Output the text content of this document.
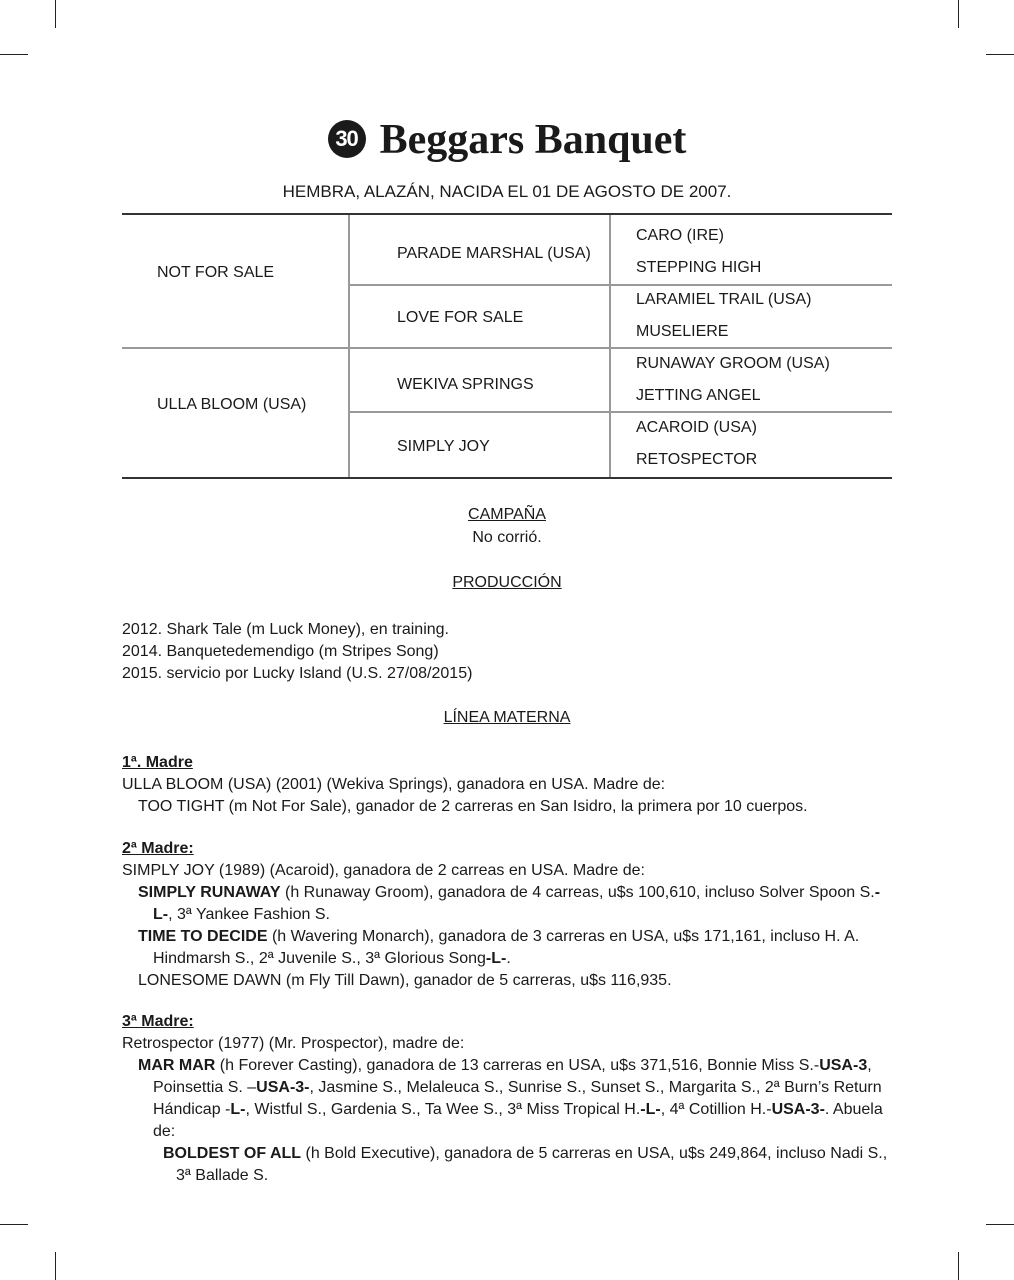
30 Beggars Banquet
HEMBRA, ALAZÁN, NACIDA EL 01 DE AGOSTO DE 2007.
NOT FOR SALE
ULLA BLOOM (USA)
PARADE MARSHAL (USA)
LOVE FOR SALE
WEKIVA SPRINGS
SIMPLY JOY
CARO (IRE)
STEPPING HIGH
LARAMIEL TRAIL (USA)
MUSELIERE
RUNAWAY GROOM (USA)
JETTING ANGEL
ACAROID (USA)
RETOSPECTOR
CAMPAÑA
No corrió.
PRODUCCIÓN
2012. Shark Tale (m Luck Money), en training.
2014. Banquetedemendigo (m Stripes Song)
2015. servicio por Lucky Island (U.S. 27/08/2015)
LÍNEA MATERNA
1ª. Madre
ULLA BLOOM (USA) (2001) (Wekiva Springs), ganadora en USA. Madre de:
TOO TIGHT (m Not For Sale), ganador de 2 carreras en San Isidro, la primera por 10 cuerpos.
2ª Madre:
SIMPLY JOY (1989) (Acaroid), ganadora de 2 carreas en USA. Madre de:
SIMPLY RUNAWAY (h Runaway Groom), ganadora de 4 carreas, u$s 100,610, incluso Solver Spoon S.-L-, 3ª Yankee Fashion S.
TIME TO DECIDE (h Wavering Monarch), ganadora de 3 carreras en USA, u$s 171,161, incluso H. A. Hindmarsh S., 2ª Juvenile S., 3ª Glorious Song-L-.
LONESOME DAWN (m Fly Till Dawn), ganador de 5 carreras, u$s 116,935.
3ª Madre:
Retrospector (1977) (Mr. Prospector), madre de:
MAR MAR (h Forever Casting), ganadora de 13 carreras en USA, u$s 371,516, Bonnie Miss S.-USA-3, Poinsettia S. –USA-3-, Jasmine S., Melaleuca S., Sunrise S., Sunset S., Margarita S., 2ª Burn’s Return Hándicap -L-, Wistful S., Gardenia S., Ta Wee S., 3ª Miss Tropical H.-L-, 4ª Cotillion H.-USA-3-. Abuela de:
BOLDEST OF ALL (h Bold Executive), ganadora de 5 carreras en USA, u$s 249,864, incluso Nadi S., 3ª Ballade S.
